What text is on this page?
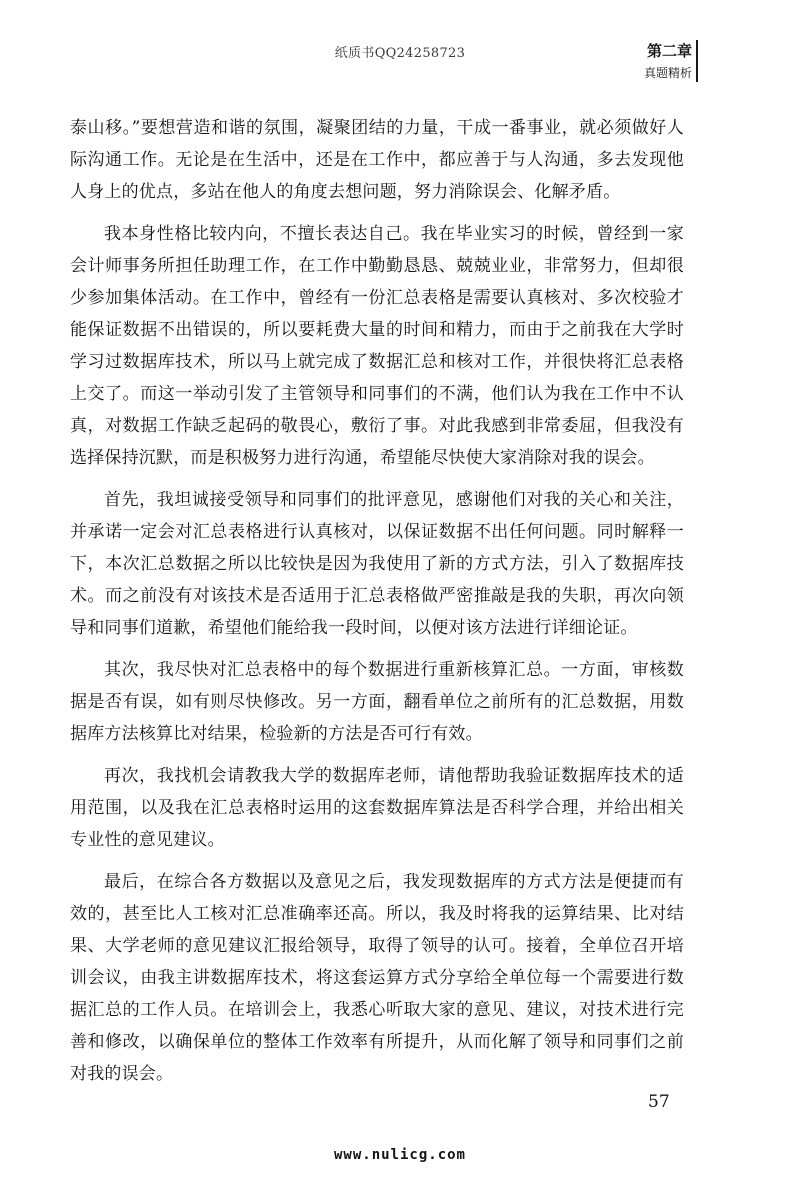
纸质书QQ24258723	第二章
真题精析

泰山移。”要想营造和谐的氛围，凝聚团结的力量，干成一番事业，就必须做好人际沟通工作。无论是在生活中，还是在工作中，都应善于与人沟通，多去发现他人身上的优点，多站在他人的角度去想问题，努力消除误会、化解矛盾。

我本身性格比较内向，不擅长表达自己。我在毕业实习的时候，曾经到一家会计师事务所担任助理工作，在工作中勤勤恳恳、兢兢业业，非常努力，但却很少参加集体活动。在工作中，曾经有一份汇总表格是需要认真核对、多次校验才能保证数据不出错误的，所以要耗费大量的时间和精力，而由于之前我在大学时学习过数据库技术，所以马上就完成了数据汇总和核对工作，并很快将汇总表格上交了。而这一举动引发了主管领导和同事们的不满，他们认为我在工作中不认真，对数据工作缺乏起码的敬畏心，敷衍了事。对此我感到非常委屈，但我没有选择保持沉默，而是积极努力进行沟通，希望能尽快使大家消除对我的误会。

首先，我坦诚接受领导和同事们的批评意见，感谢他们对我的关心和关注，并承诺一定会对汇总表格进行认真核对，以保证数据不出任何问题。同时解释一下，本次汇总数据之所以比较快是因为我使用了新的方式方法，引入了数据库技术。而之前没有对该技术是否适用于汇总表格做严密推敲是我的失职，再次向领导和同事们道歉，希望他们能给我一段时间，以便对该方法进行详细论证。

其次，我尽快对汇总表格中的每个数据进行重新核算汇总。一方面，审核数据是否有误，如有则尽快修改。另一方面，翻看单位之前所有的汇总数据，用数据库方法核算比对结果，检验新的方法是否可行有效。

再次，我找机会请教我大学的数据库老师，请他帮助我验证数据库技术的适用范围，以及我在汇总表格时运用的这套数据库算法是否科学合理，并给出相关专业性的意见建议。

最后，在综合各方数据以及意见之后，我发现数据库的方式方法是便捷而有效的，甚至比人工核对汇总准确率还高。所以，我及时将我的运算结果、比对结果、大学老师的意见建议汇报给领导，取得了领导的认可。接着，全单位召开培训会议，由我主讲数据库技术，将这套运算方式分享给全单位每一个需要进行数据汇总的工作人员。在培训会上，我悉心听取大家的意见、建议，对技术进行完善和修改，以确保单位的整体工作效率有所提升，从而化解了领导和同事们之前对我的误会。

57
www.nulicg.com
